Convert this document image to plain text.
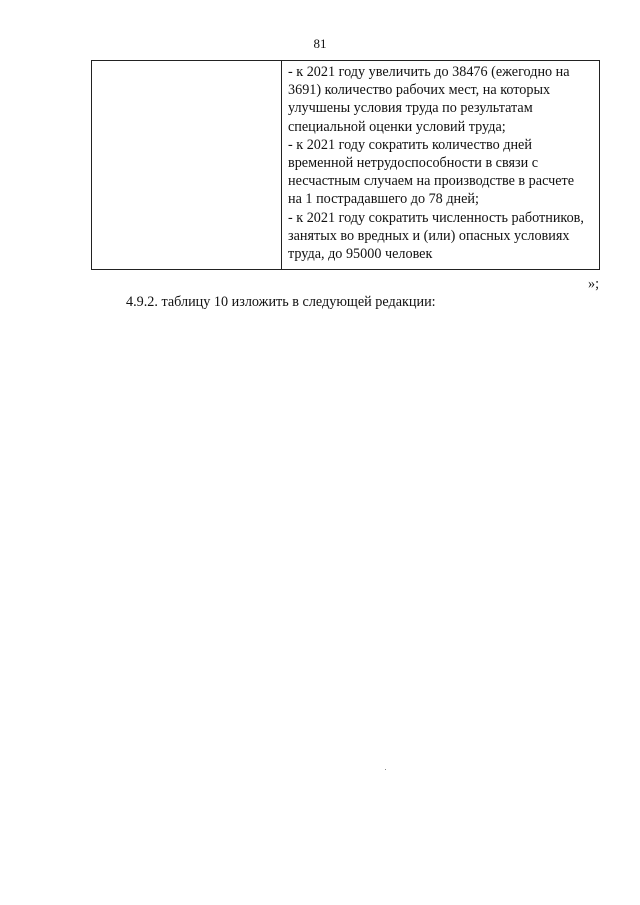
81
- к 2021 году увеличить до 38476 (ежегодно на
3691) количество рабочих мест, на которых
улучшены условия труда по результатам
специальной оценки условий труда;
- к 2021 году сократить количество дней
временной нетрудоспособности в связи с
несчастным случаем на производстве в расчете
на 1 пострадавшего до 78 дней;
- к 2021 году сократить численность работников,
занятых во вредных и (или) опасных условиях
труда, до 95000 человек
»;
4.9.2. таблицу 10 изложить в следующей редакции:
